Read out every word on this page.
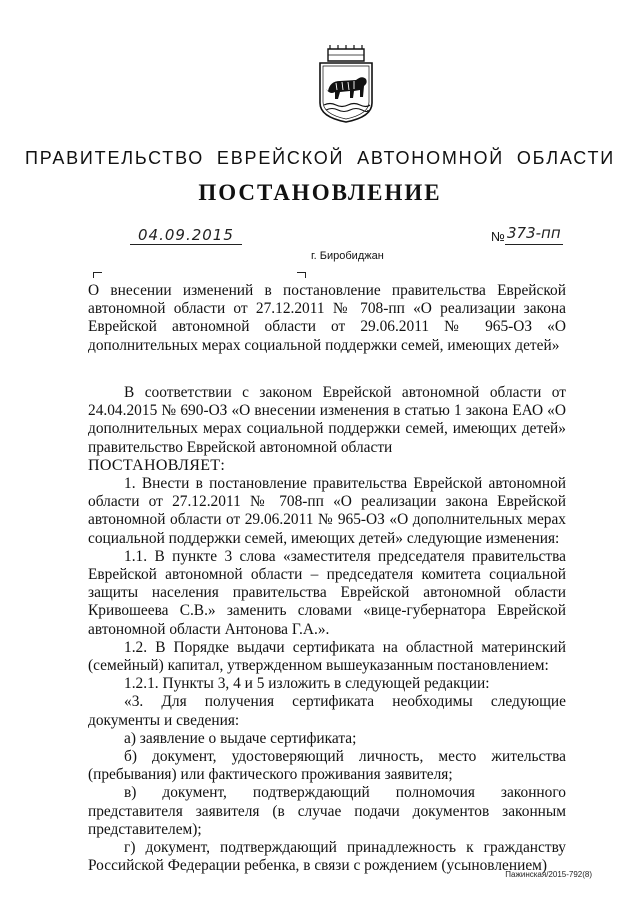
ПРАВИТЕЛЬСТВО ЕВРЕЙСКОЙ АВТОНОМНОЙ ОБЛАСТИ
ПОСТАНОВЛЕНИЕ
04.09.2015	№ 373-пп
г. Биробиджан
О внесении изменений в постановление правительства Еврейской автономной области от 27.12.2011 № 708-пп «О реализации закона Еврейской автономной области от 29.06.2011 № 965-ОЗ «О дополнительных мерах социальной поддержки семей, имеющих детей»

В соответствии с законом Еврейской автономной области от 24.04.2015 № 690-ОЗ «О внесении изменения в статью 1 закона ЕАО «О дополнительных мерах социальной поддержки семей, имеющих детей» правительство Еврейской автономной области

ПОСТАНОВЛЯЕТ:

1. Внести в постановление правительства Еврейской автономной области от 27.12.2011 № 708-пп «О реализации закона Еврейской автономной области от 29.06.2011 № 965-ОЗ «О дополнительных мерах социальной поддержки семей, имеющих детей» следующие изменения:

1.1. В пункте 3 слова «заместителя председателя правительства Еврейской автономной области – председателя комитета социальной защиты населения правительства Еврейской автономной области Кривошеева С.В.» заменить словами «вице-губернатора Еврейской автономной области Антонова Г.А.».

1.2. В Порядке выдачи сертификата на областной материнский (семейный) капитал, утвержденном вышеуказанным постановлением:

1.2.1. Пункты 3, 4 и 5 изложить в следующей редакции:

«3. Для получения сертификата необходимы следующие документы и сведения:

а) заявление о выдаче сертификата;

б) документ, удостоверяющий личность, место жительства (пребывания) или фактического проживания заявителя;

в) документ, подтверждающий полномочия законного представителя заявителя (в случае подачи документов законным представителем);

г) документ, подтверждающий принадлежность к гражданству Российской Федерации ребенка, в связи с рождением (усыновлением)

Пажинская/2015-792(8)
